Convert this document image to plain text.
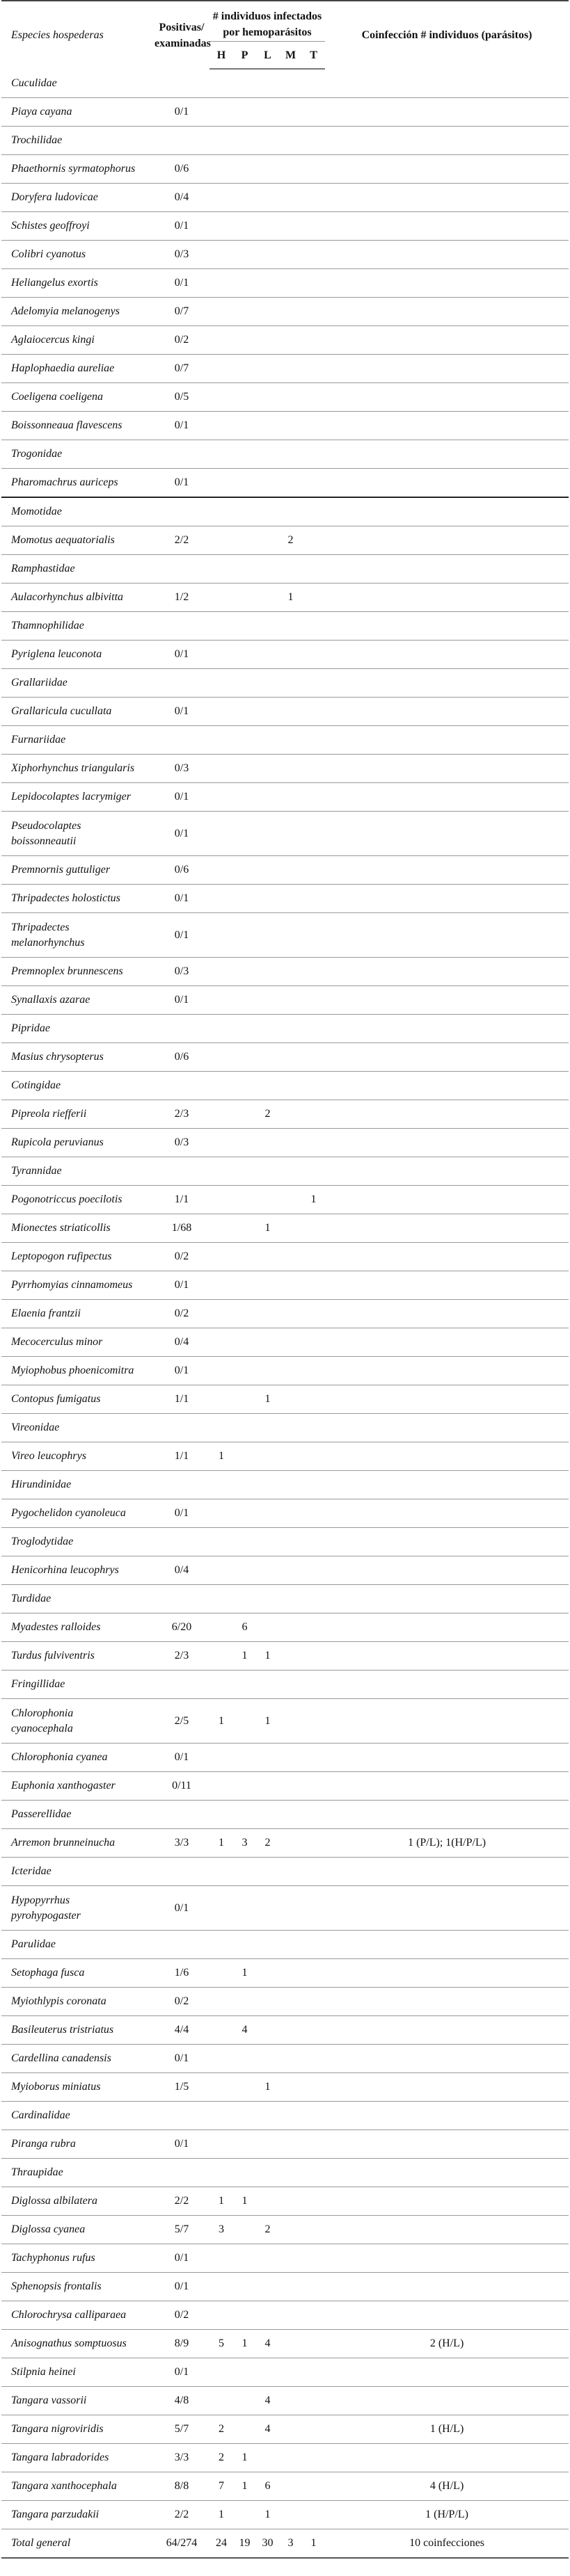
Especies hospederas	Positivas/ examinadas	# individuos infectados por hemoparásitos					Coinfección # individuos (parásitos)
		H	P	L	M	T	
Cuculidae							
Piaya cayana	0/1						
Trochilidae							
Phaethornis syrmatophorus	0/6						
Doryfera ludovicae	0/4						
Schistes geoffroyi	0/1						
Colibri cyanotus	0/3						
Heliangelus exortis	0/1						
Adelomyia melanogenys	0/7						
Aglaiocercus kingi	0/2						
Haplophaedia aureliae	0/7						
Coeligena coeligena	0/5						
Boissonneaua flavescens	0/1						
Trogonidae							
Pharomachrus auriceps	0/1						
Momotidae							
Momotus aequatorialis	2/2				2		
Ramphastidae							
Aulacorhynchus albivitta	1/2				1		
Thamnophilidae							
Pyriglena leuconota	0/1						
Grallariidae							
Grallaricula cucullata	0/1						
Furnariidae							
Xiphorhynchus triangularis	0/3						
Lepidocolaptes lacrymiger	0/1						
Pseudocolaptes boissonneautii	0/1						
Premnornis guttuliger	0/6						
Thripadectes holostictus	0/1						
Thripadectes melanorhynchus	0/1						
Premnoplex brunnescens	0/3						
Synallaxis azarae	0/1						
Pipridae							
Masius chrysopterus	0/6						
Cotingidae							
Pipreola riefferii	2/3			2			
Rupicola peruvianus	0/3						
Tyrannidae							
Pogonotriccus poecilotis	1/1					1	
Mionectes striaticollis	1/68			1			
Leptopogon rufipectus	0/2						
Pyrrhomyias cinnamomeus	0/1						
Elaenia frantzii	0/2						
Mecocerculus minor	0/4						
Myiophobus phoenicomitra	0/1						
Contopus fumigatus	1/1			1			
Vireonidae							
Vireo leucophrys	1/1	1					
Hirundinidae							
Pygochelidon cyanoleuca	0/1						
Troglodytidae							
Henicorhina leucophrys	0/4						
Turdidae							
Myadestes ralloides	6/20		6				
Turdus fulviventris	2/3		1	1			
Fringillidae							
Chlorophonia cyanocephala	2/5	1		1			
Chlorophonia cyanea	0/1						
Euphonia xanthogaster	0/11						
Passerellidae							
Arremon brunneinucha	3/3	1	3	2			1 (P/L); 1(H/P/L)
Icteridae							
Hypopyrrhus pyrohypogaster	0/1						
Parulidae							
Setophaga fusca	1/6		1				
Myiothlypis coronata	0/2						
Basileuterus tristriatus	4/4		4				
Cardellina canadensis	0/1						
Myioborus miniatus	1/5			1			
Cardinalidae							
Piranga rubra	0/1						
Thraupidae							
Diglossa albilatera	2/2	1	1				
Diglossa cyanea	5/7	3		2			
Tachyphonus rufus	0/1						
Sphenopsis frontalis	0/1						
Chlorochrysa calliparaea	0/2						
Anisognathus somptuosus	8/9	5	1	4			2 (H/L)
Stilpnia heinei	0/1						
Tangara vassorii	4/8			4			
Tangara nigroviridis	5/7	2		4			1 (H/L)
Tangara labradorides	3/3	2	1				
Tangara xanthocephala	8/8	7	1	6			4 (H/L)
Tangara parzudakii	2/2	1		1			1 (H/P/L)
Total general	64/274	24	19	30	3	1	10 coinfecciones
